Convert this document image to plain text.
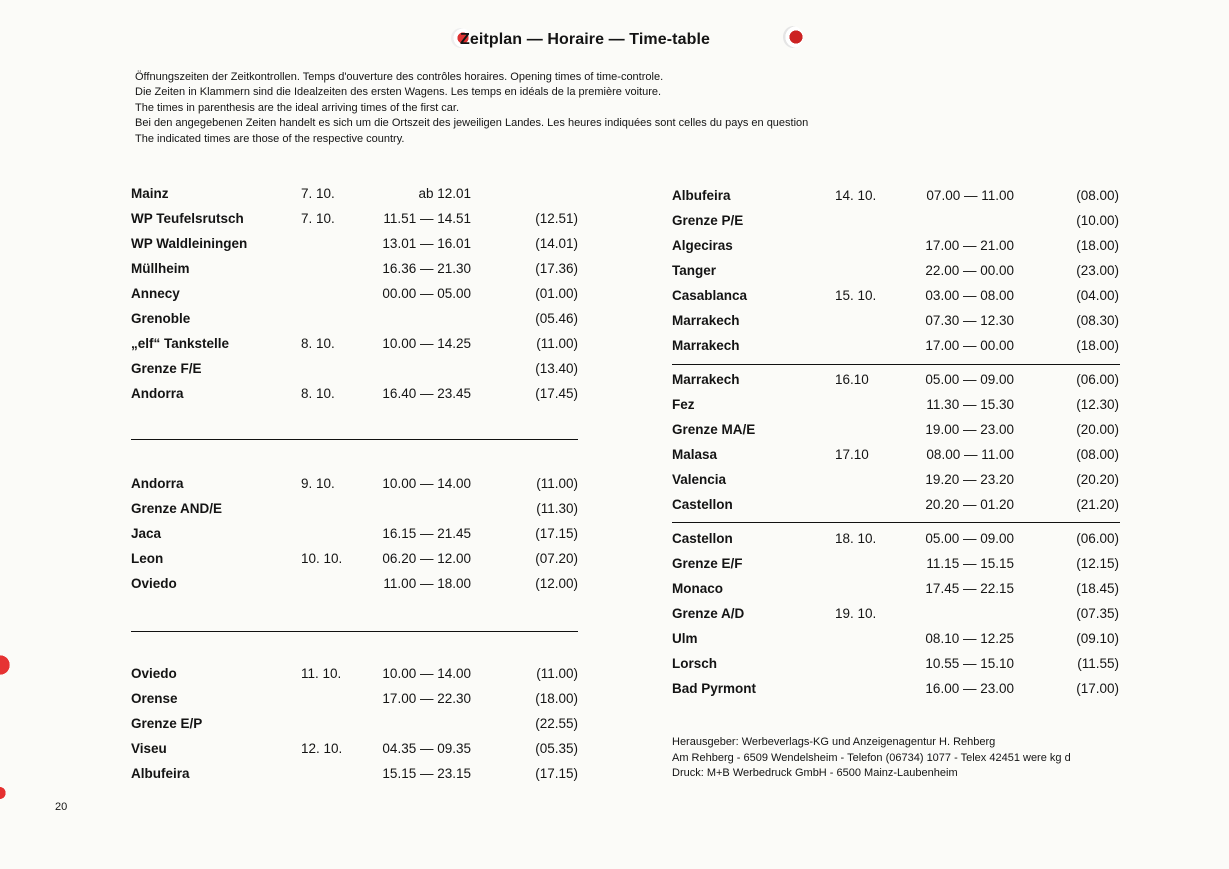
Zeitplan — Horaire — Time-table
Öffnungszeiten der Zeitkontrollen. Temps d'ouverture des contrôles horaires. Opening times of time-controle.
Die Zeiten in Klammern sind die Idealzeiten des ersten Wagens. Les temps en idéals de la première voiture.
The times in parenthesis are the ideal arriving times of the first car.
Bei den angegebenen Zeiten handelt es sich um die Ortszeit des jeweiligen Landes. Les heures indiquées sont celles du pays en question
The indicated times are those of the respective country.
Mainz	7. 10.	ab 12.01
WP Teufelsrutsch	7. 10.	11.51 — 14.51	(12.51)
WP Waldleiningen	13.01 — 16.01	(14.01)
Müllheim	16.36 — 21.30	(17.36)
Annecy	00.00 — 05.00	(01.00)
Grenoble	(05.46)
„elf“ Tankstelle	8. 10.	10.00 — 14.25	(11.00)
Grenze F/E	(13.40)
Andorra	8. 10.	16.40 — 23.45	(17.45)
Andorra	9. 10.	10.00 — 14.00	(11.00)
Grenze AND/E	(11.30)
Jaca	16.15 — 21.45	(17.15)
Leon	10. 10.	06.20 — 12.00	(07.20)
Oviedo	11.00 — 18.00	(12.00)
Oviedo	11. 10.	10.00 — 14.00	(11.00)
Orense	17.00 — 22.30	(18.00)
Grenze E/P	(22.55)
Viseu	12. 10.	04.35 — 09.35	(05.35)
Albufeira	15.15 — 23.15	(17.15)
Albufeira	14. 10.	07.00 — 11.00	(08.00)
Grenze P/E	(10.00)
Algeciras	17.00 — 21.00	(18.00)
Tanger	22.00 — 00.00	(23.00)
Casablanca	15. 10.	03.00 — 08.00	(04.00)
Marrakech	07.30 — 12.30	(08.30)
Marrakech	17.00 — 00.00	(18.00)
Marrakech	16.10	05.00 — 09.00	(06.00)
Fez	11.30 — 15.30	(12.30)
Grenze MA/E	19.00 — 23.00	(20.00)
Malasa	17.10	08.00 — 11.00	(08.00)
Valencia	19.20 — 23.20	(20.20)
Castellon	20.20 — 01.20	(21.20)
Castellon	18. 10.	05.00 — 09.00	(06.00)
Grenze E/F	11.15 — 15.15	(12.15)
Monaco	17.45 — 22.15	(18.45)
Grenze A/D	19. 10.	(07.35)
Ulm	08.10 — 12.25	(09.10)
Lorsch	10.55 — 15.10	(11.55)
Bad Pyrmont	16.00 — 23.00	(17.00)
Herausgeber: Werbeverlags-KG und Anzeigenagentur H. Rehberg
Am Rehberg - 6509 Wendelsheim - Telefon (06734) 1077 - Telex 42451 were kg d
Druck: M+B Werbedruck GmbH - 6500 Mainz-Laubenheim
20
